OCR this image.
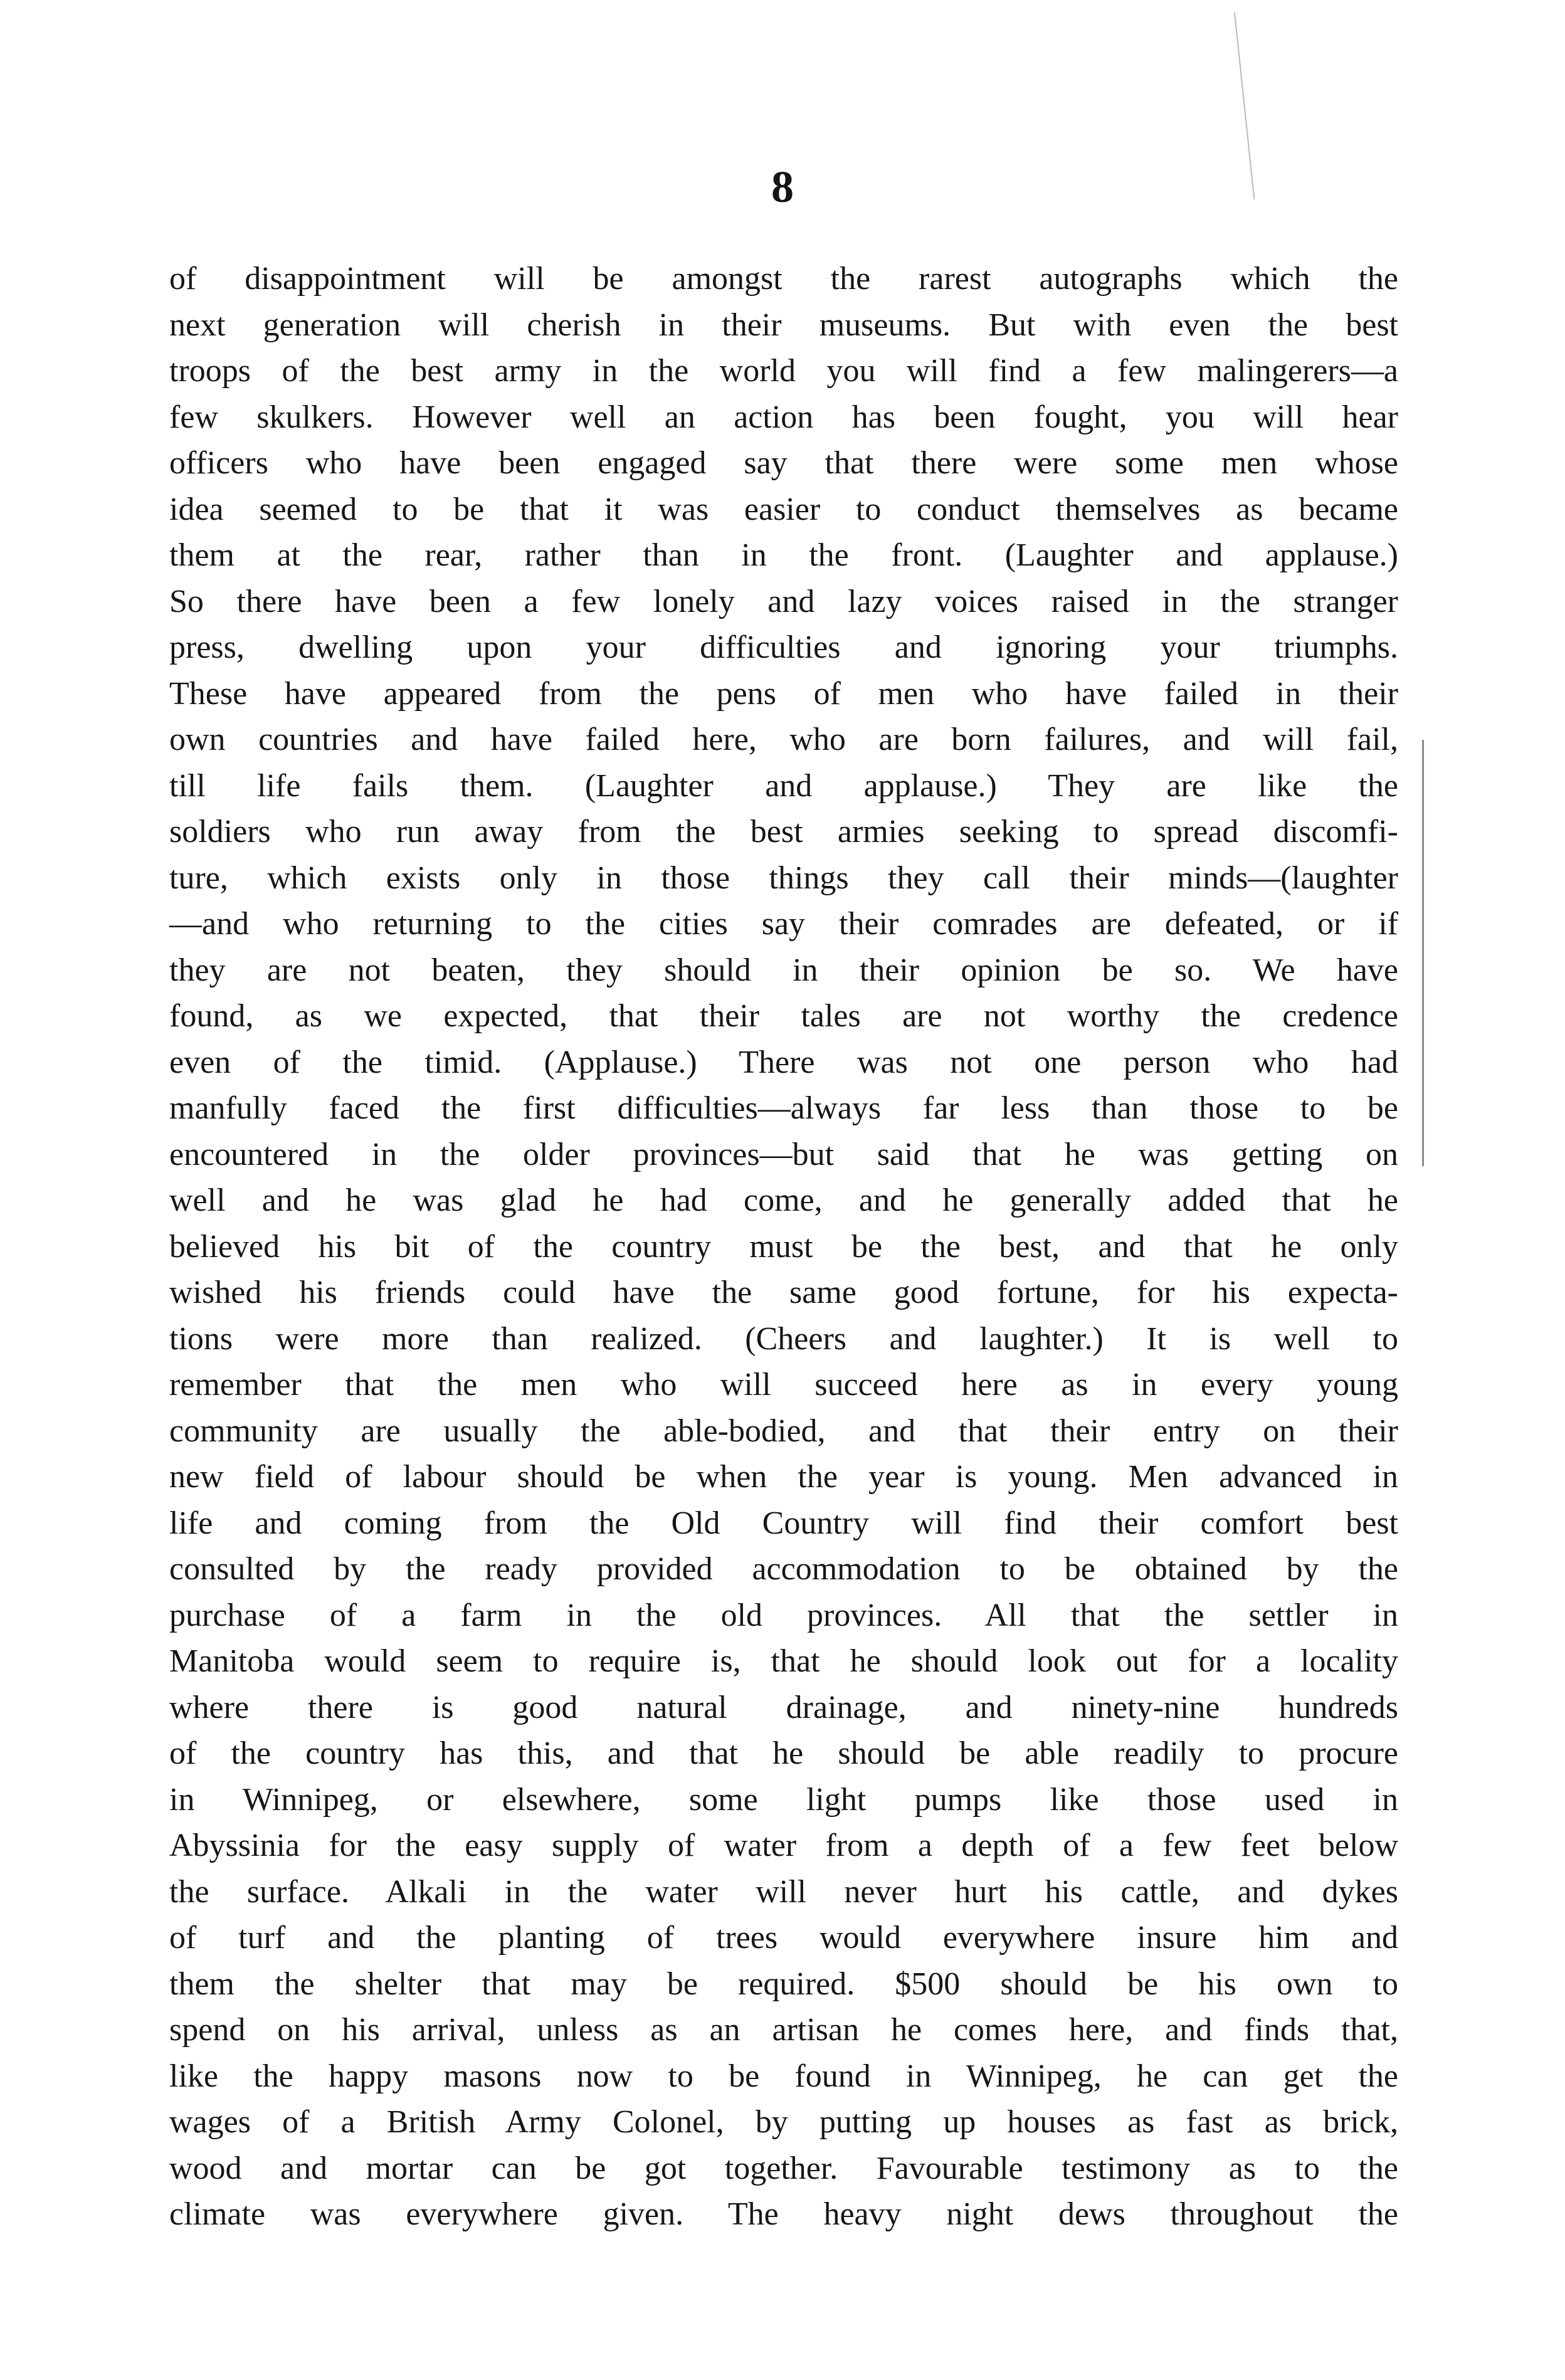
8
of disappointment will be amongst the rarest autographs which the
next generation will cherish in their museums. But with even the best
troops of the best army in the world you will find a few malingerers—a
few skulkers. However well an action has been fought, you will hear
officers who have been engaged say that there were some men whose
idea seemed to be that it was easier to conduct themselves as became
them at the rear, rather than in the front. (Laughter and applause.)
So there have been a few lonely and lazy voices raised in the stranger
press, dwelling upon your difficulties and ignoring your triumphs.
These have appeared from the pens of men who have failed in their
own countries and have failed here, who are born failures, and will fail,
till life fails them. (Laughter and applause.) They are like the
soldiers who run away from the best armies seeking to spread discomfi-
ture, which exists only in those things they call their minds—(laughter
—and who returning to the cities say their comrades are defeated, or if
they are not beaten, they should in their opinion be so. We have
found, as we expected, that their tales are not worthy the credence
even of the timid. (Applause.) There was not one person who had
manfully faced the first difficulties—always far less than those to be
encountered in the older provinces—but said that he was getting on
well and he was glad he had come, and he generally added that he
believed his bit of the country must be the best, and that he only
wished his friends could have the same good fortune, for his expecta-
tions were more than realized. (Cheers and laughter.) It is well to
remember that the men who will succeed here as in every young
community are usually the able-bodied, and that their entry on their
new field of labour should be when the year is young. Men advanced in
life and coming from the Old Country will find their comfort best
consulted by the ready provided accommodation to be obtained by the
purchase of a farm in the old provinces. All that the settler in
Manitoba would seem to require is, that he should look out for a locality
where there is good natural drainage, and ninety-nine hundreds
of the country has this, and that he should be able readily to procure
in Winnipeg, or elsewhere, some light pumps like those used in
Abyssinia for the easy supply of water from a depth of a few feet below
the surface. Alkali in the water will never hurt his cattle, and dykes
of turf and the planting of trees would everywhere insure him and
them the shelter that may be required. $500 should be his own to
spend on his arrival, unless as an artisan he comes here, and finds that,
like the happy masons now to be found in Winnipeg, he can get the
wages of a British Army Colonel, by putting up houses as fast as brick,
wood and mortar can be got together. Favourable testimony as to the
climate was everywhere given. The heavy night dews throughout the
